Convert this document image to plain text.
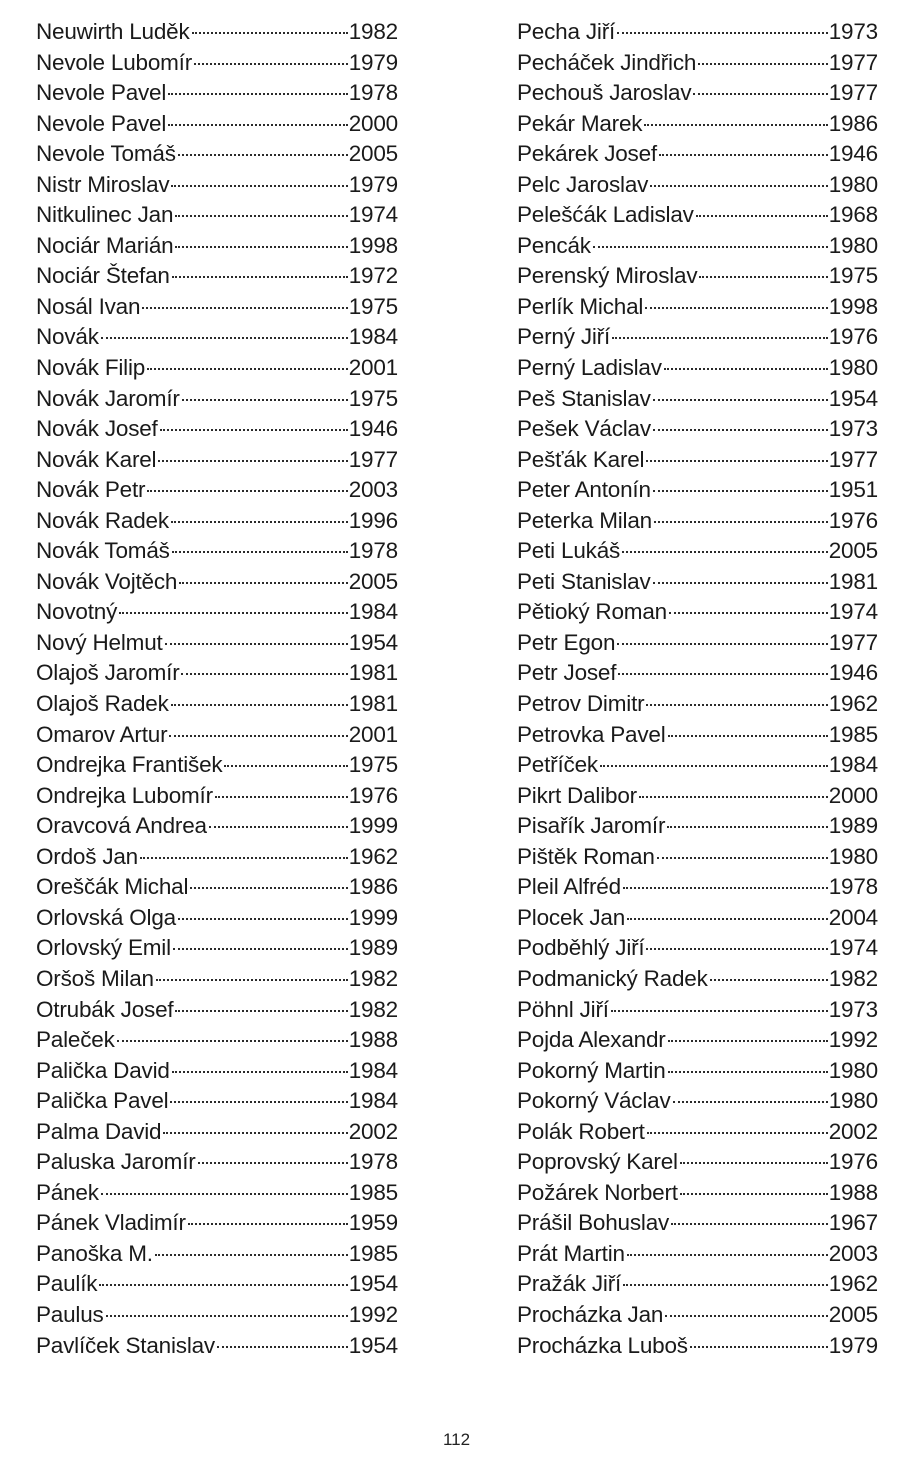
Neuwirth Luděk	1982
Nevole Lubomír	1979
Nevole Pavel	1978
Nevole Pavel	2000
Nevole Tomáš	2005
Nistr Miroslav	1979
Nitkulinec Jan	1974
Nociár Marián	1998
Nociár Štefan	1972
Nosál Ivan	1975
Novák	1984
Novák Filip	2001
Novák Jaromír	1975
Novák Josef	1946
Novák Karel	1977
Novák Petr	2003
Novák Radek	1996
Novák Tomáš	1978
Novák Vojtěch	2005
Novotný	1984
Nový Helmut	1954
Olajoš Jaromír	1981
Olajoš Radek	1981
Omarov Artur	2001
Ondrejka František	1975
Ondrejka Lubomír	1976
Oravcová Andrea	1999
Ordoš Jan	1962
Oreščák Michal	1986
Orlovská Olga	1999
Orlovský Emil	1989
Oršoš Milan	1982
Otrubák Josef	1982
Paleček	1988
Palička David	1984
Palička Pavel	1984
Palma David	2002
Paluska Jaromír	1978
Pánek	1985
Pánek Vladimír	1959
Panoška M.	1985
Paulík	1954
Paulus	1992
Pavlíček Stanislav	1954
Pecha Jiří	1973
Pecháček Jindřich	1977
Pechouš Jaroslav	1977
Pekár Marek	1986
Pekárek Josef	1946
Pelc Jaroslav	1980
Pelešćák Ladislav	1968
Pencák	1980
Perenský Miroslav	1975
Perlík Michal	1998
Perný Jiří	1976
Perný Ladislav	1980
Peš Stanislav	1954
Pešek Václav	1973
Pešťák Karel	1977
Peter Antonín	1951
Peterka Milan	1976
Peti Lukáš	2005
Peti Stanislav	1981
Pětioký Roman	1974
Petr Egon	1977
Petr Josef	1946
Petrov Dimitr	1962
Petrovka Pavel	1985
Petříček	1984
Pikrt Dalibor	2000
Pisařík Jaromír	1989
Pištěk Roman	1980
Pleil Alfréd	1978
Plocek Jan	2004
Podběhlý Jiří	1974
Podmanický Radek	1982
Pöhnl Jiří	1973
Pojda Alexandr	1992
Pokorný Martin	1980
Pokorný Václav	1980
Polák Robert	2002
Poprovský Karel	1976
Požárek Norbert	1988
Prášil Bohuslav	1967
Prát Martin	2003
Pražák Jiří	1962
Procházka Jan	2005
Procházka Luboš	1979
112
